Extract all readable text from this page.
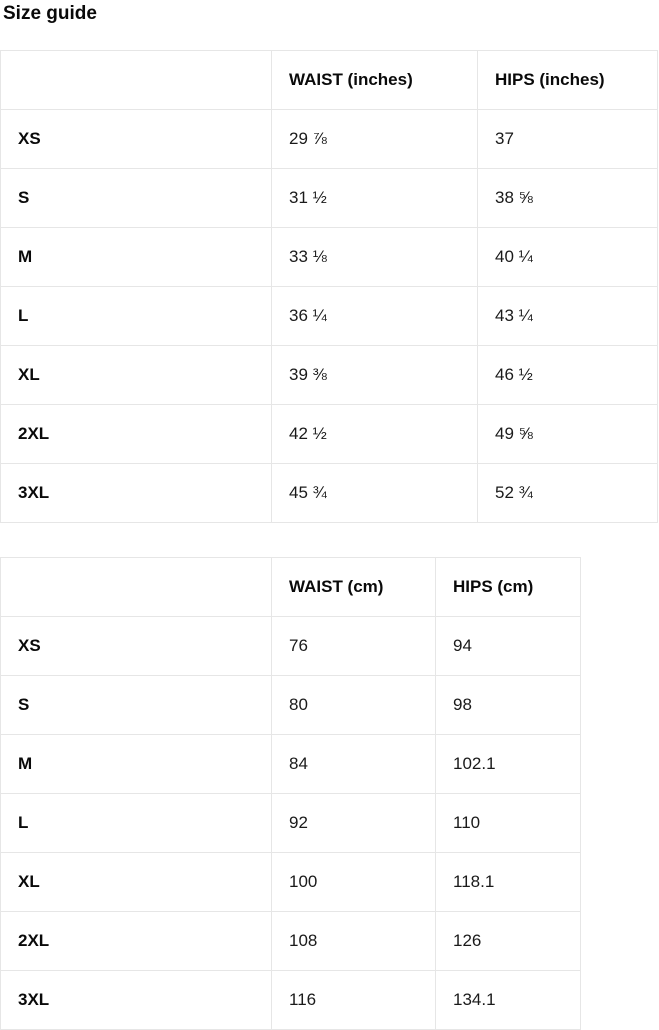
Size guide
	WAIST (inches)	HIPS (inches)
XS	29 ⅞	37
S	31 ½	38 ⅝
M	33 ⅛	40 ¼
L	36 ¼	43 ¼
XL	39 ⅜	46 ½
2XL	42 ½	49 ⅝
3XL	45 ¾	52 ¾
	WAIST (cm)	HIPS (cm)
XS	76	94
S	80	98
M	84	102.1
L	92	110
XL	100	118.1
2XL	108	126
3XL	116	134.1
